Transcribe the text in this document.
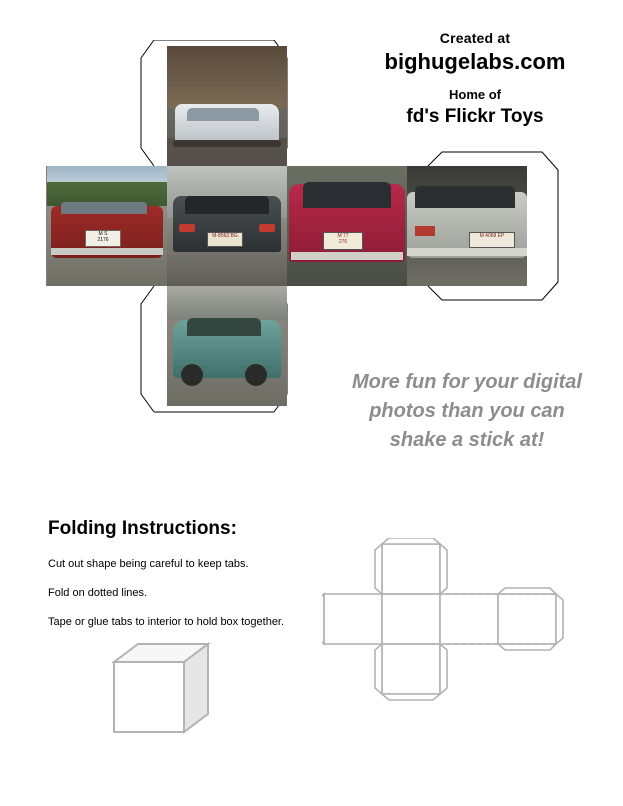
Created at
bighugelabs.com
Home of
fd's Flickr Toys
M S
2176
M-8563 BG	M 77
276
M 4068 EP
More fun for your digital photos than you can shake a stick at!
Folding Instructions:
Cut out shape being careful to keep tabs.
Fold on dotted lines.
Tape or glue tabs to interior to hold box together.
